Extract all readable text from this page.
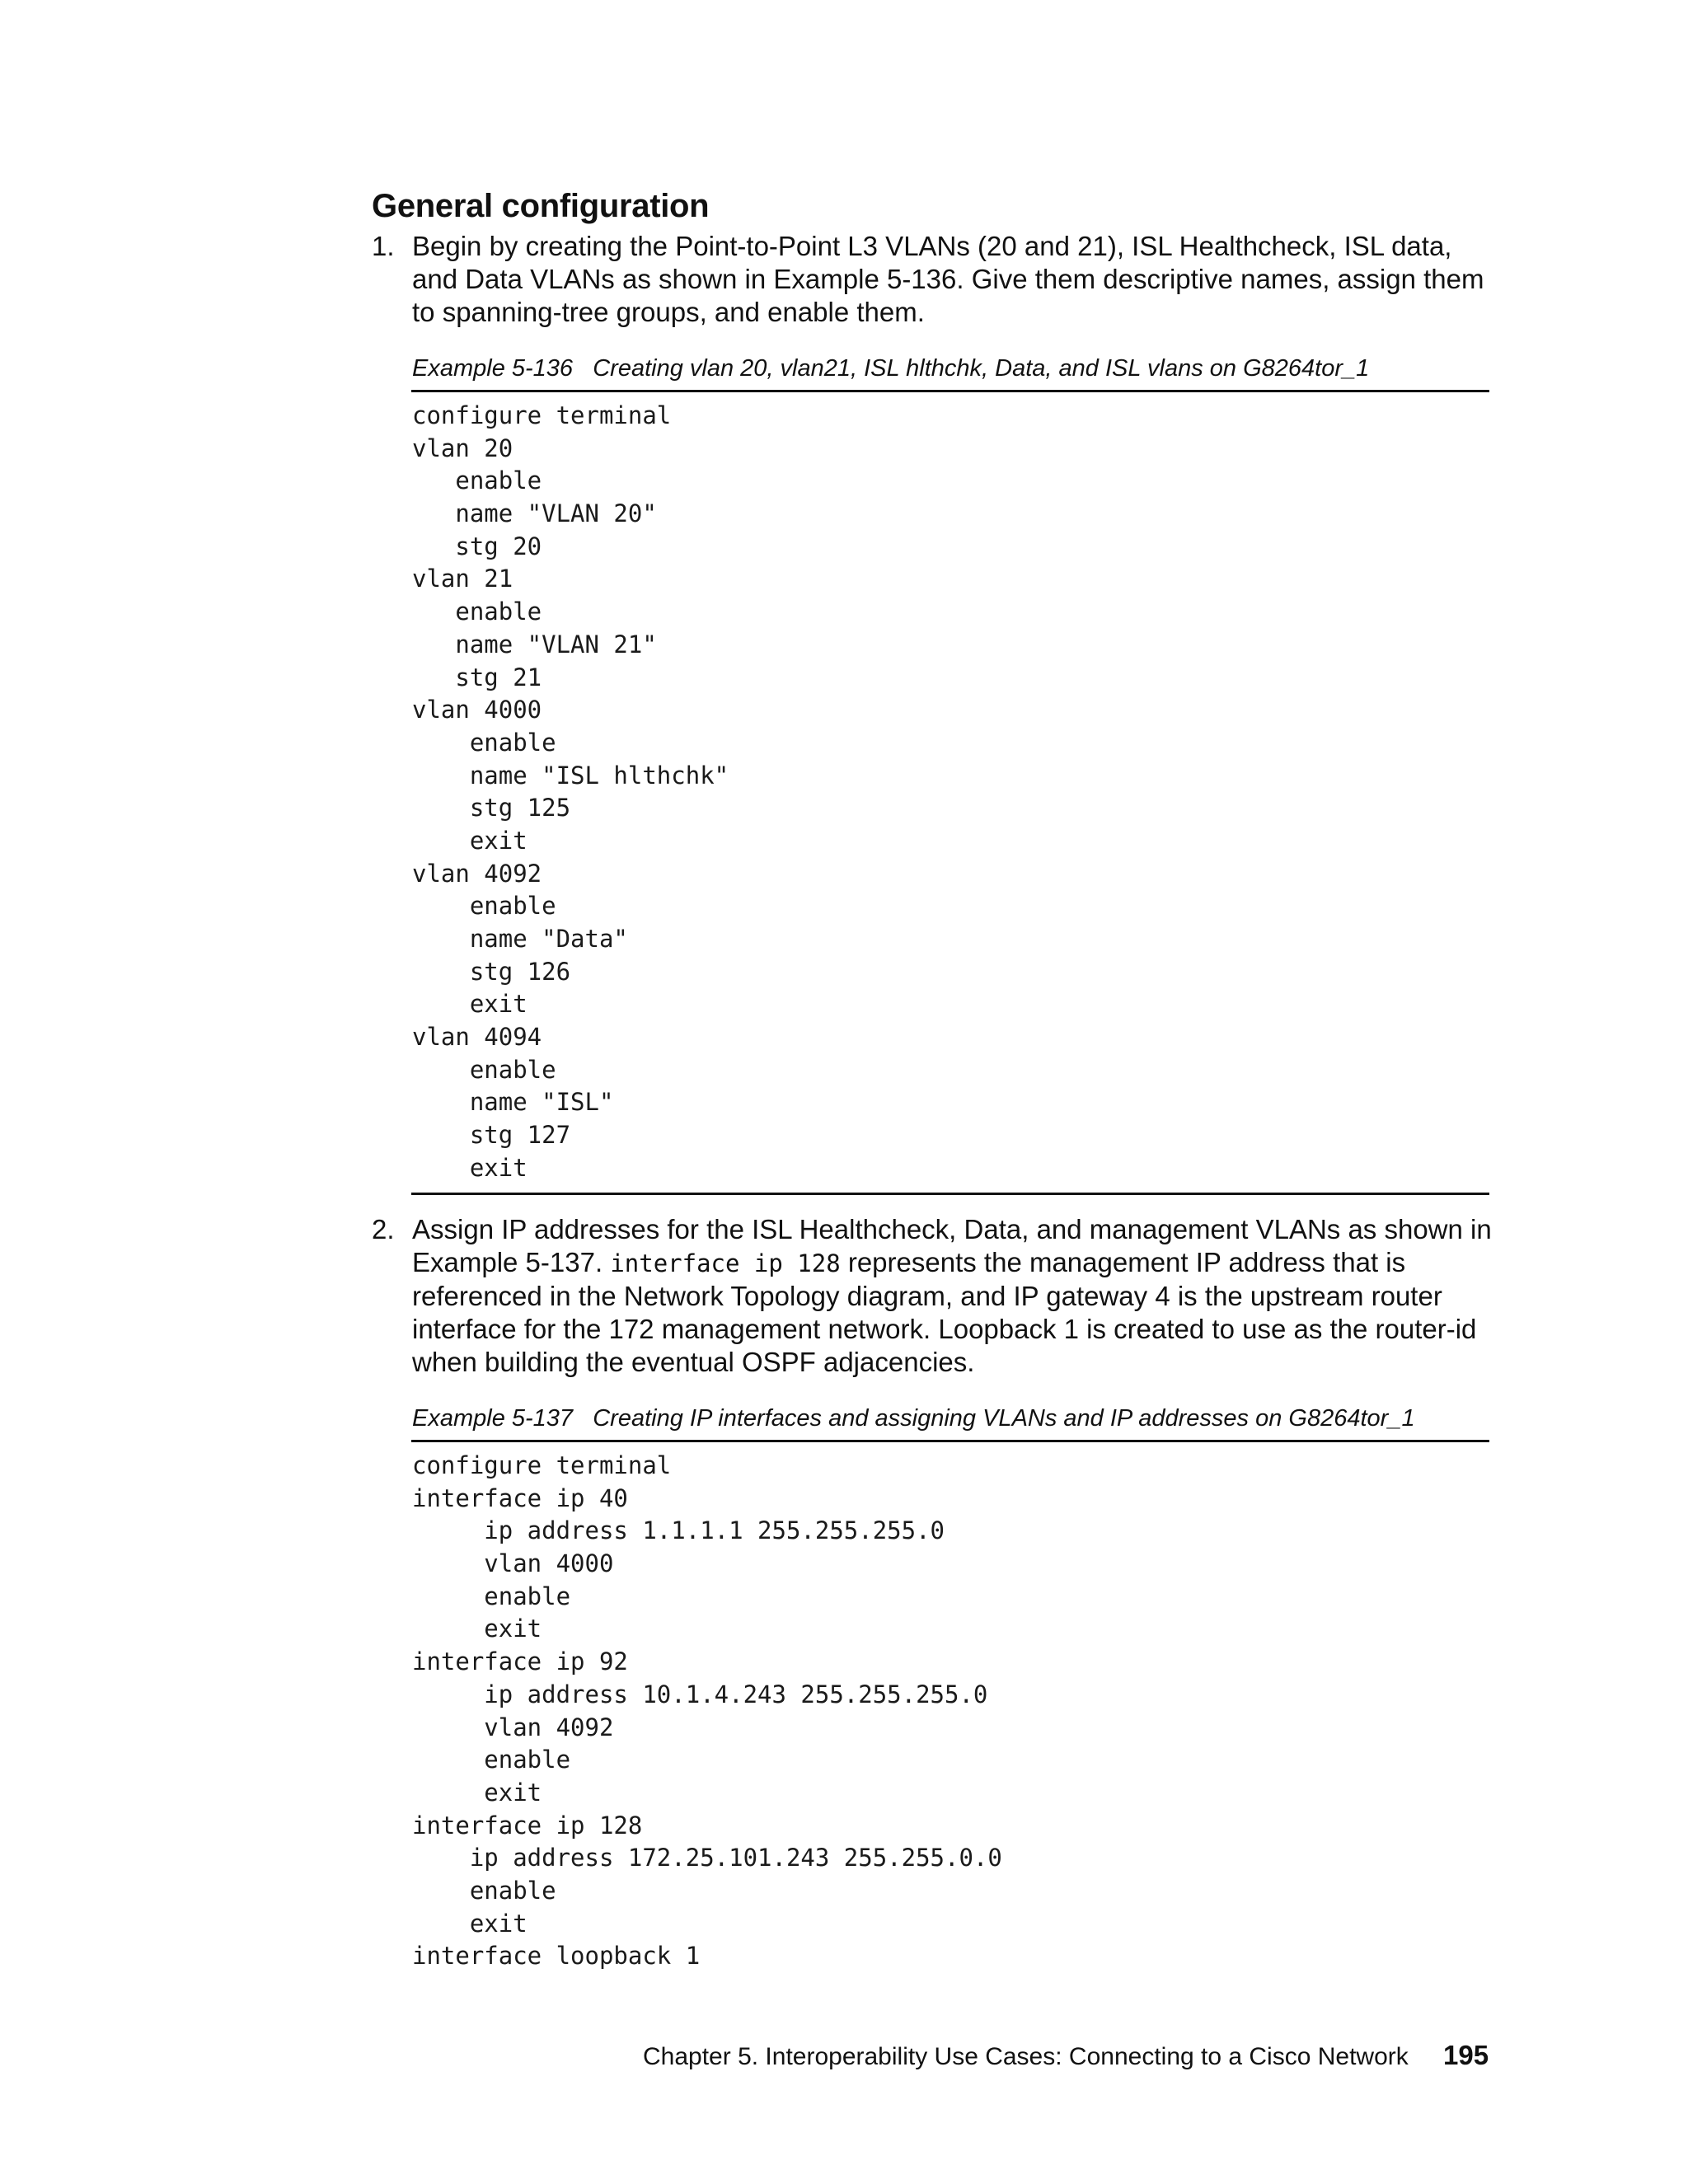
General configuration
1. Begin by creating the Point-to-Point L3 VLANs (20 and 21), ISL Healthcheck, ISL data,
and Data VLANs as shown in Example 5-136. Give them descriptive names, assign them
to spanning-tree groups, and enable them.
Example 5-136   Creating vlan 20, vlan21, ISL hlthchk, Data, and ISL vlans on G8264tor_1
configure terminal
vlan 20
enable
name "VLAN 20"
stg 20
vlan 21
enable
name "VLAN 21"
stg 21
vlan 4000
enable
name "ISL hlthchk"
stg 125
exit
vlan 4092
enable
name "Data"
stg 126
exit
vlan 4094
enable
name "ISL"
stg 127
exit
2. Assign IP addresses for the ISL Healthcheck, Data, and management VLANs as shown in
Example 5-137. interface ip 128 represents the management IP address that is
referenced in the Network Topology diagram, and IP gateway 4 is the upstream router
interface for the 172 management network. Loopback 1 is created to use as the router-id
when building the eventual OSPF adjacencies.
Example 5-137   Creating IP interfaces and assigning VLANs and IP addresses on G8264tor_1
configure terminal
interface ip 40
ip address 1.1.1.1 255.255.255.0
vlan 4000
enable
exit
interface ip 92
ip address 10.1.4.243 255.255.255.0
vlan 4092
enable
exit
interface ip 128
ip address 172.25.101.243 255.255.0.0
enable
exit
interface loopback 1
Chapter 5. Interoperability Use Cases: Connecting to a Cisco Network 195
